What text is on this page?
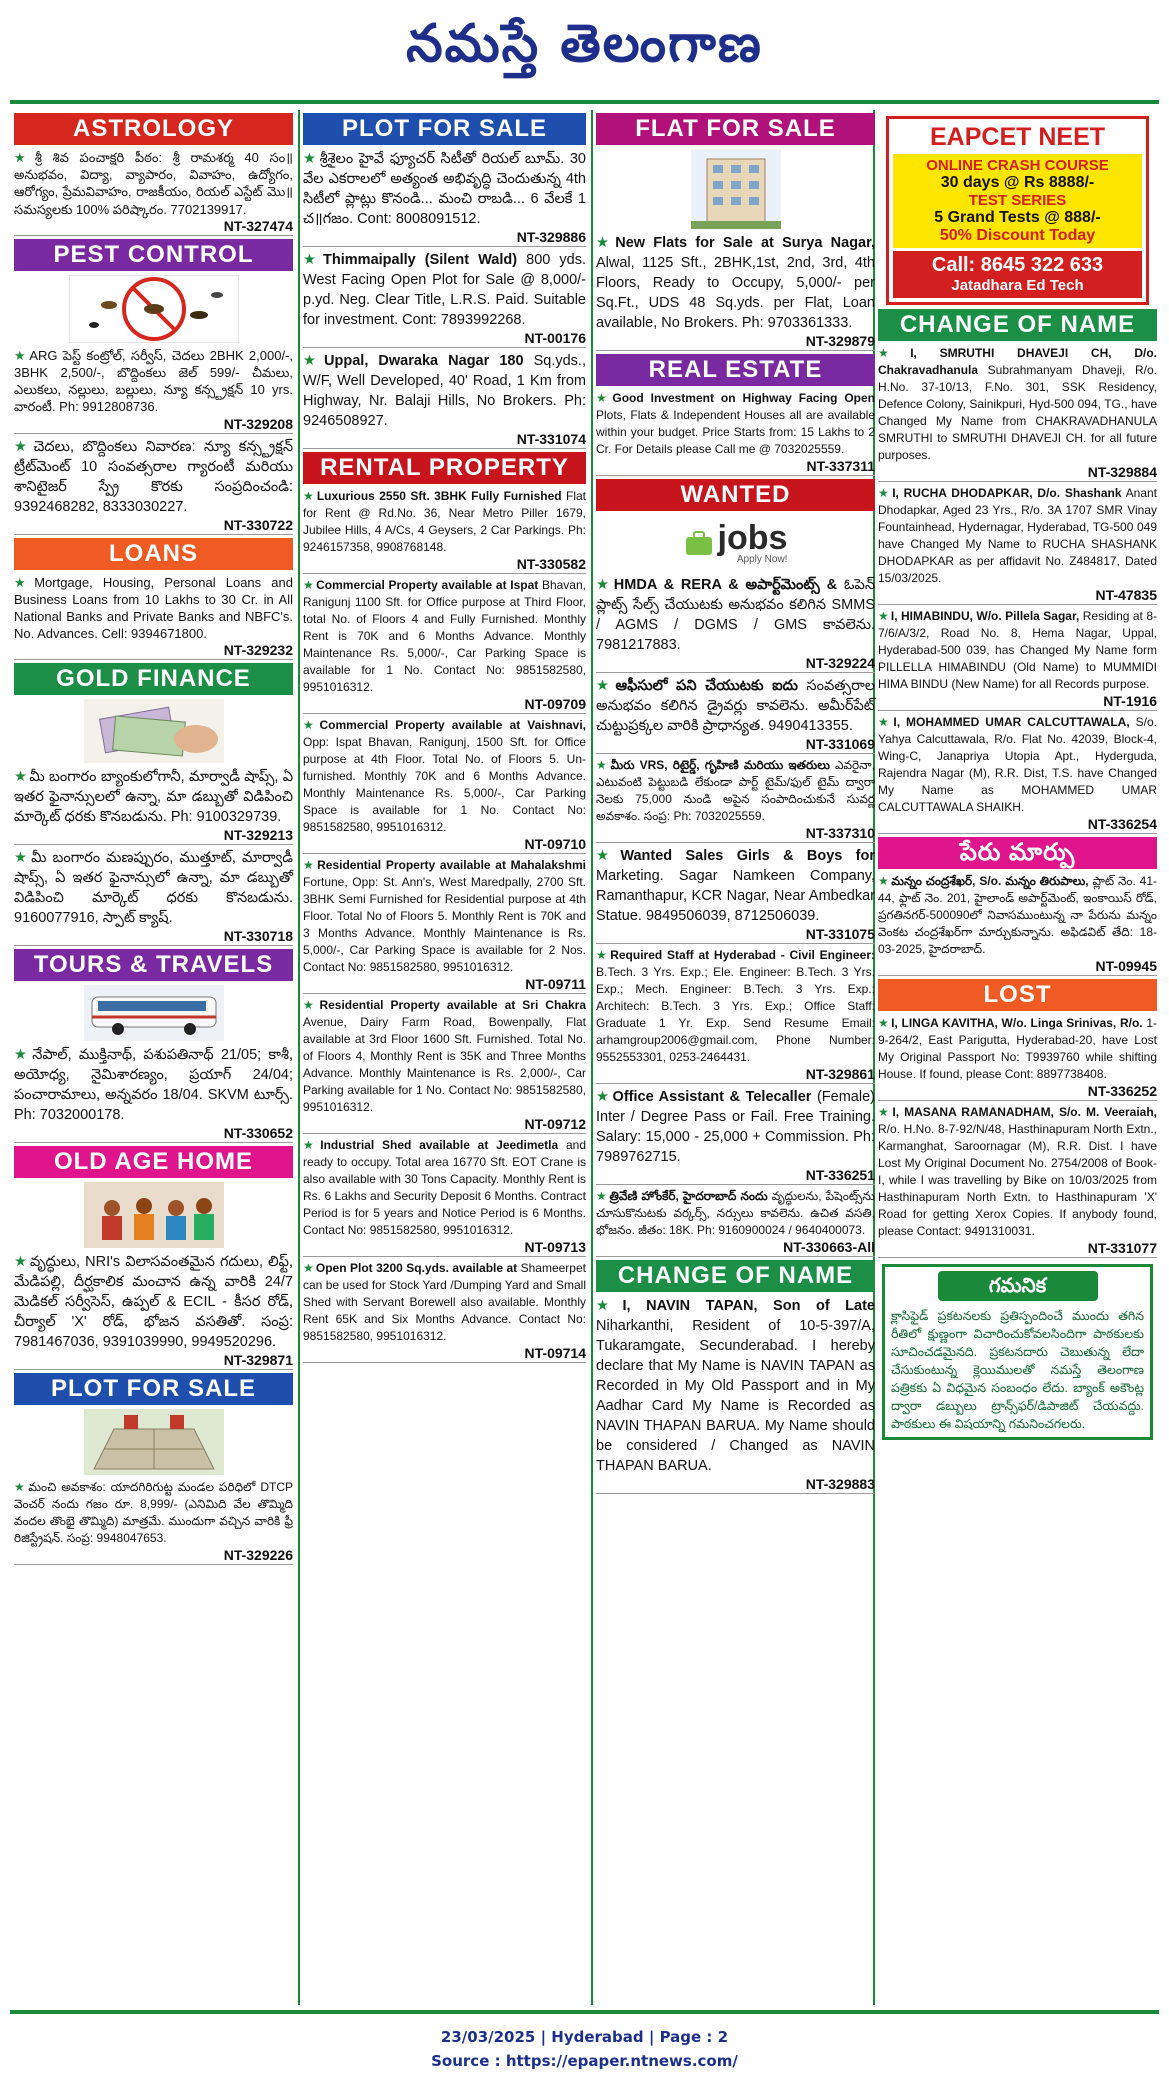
నమస్తే తెలంగాణ
ASTROLOGY
★ శ్రీ శివ పంచాక్షరి పీఠం: శ్రీ రామశర్మ 40 సం॥ అనుభవం, విద్యా, వ్యాపారం, వివాహం, ఉద్యోగం, ఆరోగ్యం, ప్రేమవివాహం, రాజకీయం, రియల్ ఎస్టేట్ మొ॥ సమస్యలకు 100% పరిష్కారం. 7702139917.
NT-327474
PEST CONTROL
★ ARG పెస్ట్ కంట్రోల్, సర్వీస్, చెదలు 2BHK 2,000/-, 3BHK 2,500/-, బొద్దింకలు జెల్ 599/- చీమలు, ఎలుకలు, నల్లులు, బల్లులు, న్యూ కన్స్ట్రక్షన్ 10 yrs. వారంటీ. Ph: 9912808736.
NT-329208
★ చెదలు, బొద్దింకలు నివారణ: న్యూ కన్స్ట్రక్షన్ ట్రీట్‌మెంట్ 10 సంవత్సరాల గ్యారంటీ మరియు శానిటైజర్ స్ప్రే కొరకు సంప్రదించండి: 9392468282, 8333030227.
NT-330722
LOANS
★ Mortgage, Housing, Personal Loans and Business Loans from 10 Lakhs to 30 Cr. in All National Banks and Private Banks and NBFC's. No. Advances. Cell: 9394671800.
NT-329232
GOLD FINANCE
★ మీ బంగారం బ్యాంకులోగానీ, మార్వాడీ షాప్స్, ఏ ఇతర ఫైనాన్సులలో ఉన్నా, మా డబ్బుతో విడిపించి మార్కెట్ ధరకు కొనబడును. Ph: 9100329739.
NT-329213
★ మీ బంగారం మణప్పురం, ముత్తూట్, మార్వాడీ షాప్స్, ఏ ఇతర ఫైనాన్సులో ఉన్నా, మా డబ్బుతో విడిపించి మార్కెట్ ధరకు కొనబడును. 9160077916, స్పాట్ క్యాష్.
NT-330718
TOURS & TRAVELS
★ నేపాల్, ముక్తినాథ్, పశుపతినాథ్ 21/05; కాశీ, అయోధ్య, నైమిశారణ్యం, ప్రయాగ్ 24/04; పంచారామాలు, అన్నవరం 18/04. SKVM టూర్స్. Ph: 7032000178.
NT-330652
OLD AGE HOME
★ వృద్ధులు, NRI's విలాసవంతమైన గదులు, లిఫ్ట్, మేడిపల్లి, దీర్ఘకాలిక మంచాన ఉన్న వారికి 24/7 మెడికల్ సర్వీసెస్, ఉప్పల్ & ECIL - కీసర రోడ్, చీర్యాల్ 'X' రోడ్, భోజన వసతితో. సంప్ర: 7981467036, 9391039990, 9949520296.
NT-329871
PLOT FOR SALE
★ మంచి అవకాశం: యాదగిరిగుట్ట మండల పరిధిలో DTCP వెంచర్ నందు గజం రూ. 8,999/- (ఎనిమిది వేల తొమ్మిది వందల తొంభై తొమ్మిది) మాత్రమే. ముందుగా వచ్చిన వారికి ఫ్రీ రిజిస్ట్రేషన్. సంప్ర: 9948047653.
NT-329226
PLOT FOR SALE
★ శ్రీశైలం హైవే ఫ్యూచర్ సిటీతో రియల్ బూమ్. 30 వేల ఎకరాలలో అత్యంత అభివృద్ధి చెందుతున్న 4th సిటీలో ప్లాట్లు కొనండి... మంచి రాబడి... 6 వేలకే 1 చ॥గజం. Cont: 8008091512.
NT-329886
★ Thimmaipally (Silent Wald) 800 yds. West Facing Open Plot for Sale @ 8,000/- p.yd. Neg. Clear Title, L.R.S. Paid. Suitable for investment. Cont: 7893992268.
NT-00176
★ Uppal, Dwaraka Nagar 180 Sq.yds., W/F, Well Developed, 40' Road, 1 Km from Highway, Nr. Balaji Hills, No Brokers. Ph: 9246508927.
NT-331074
RENTAL PROPERTY
★ Luxurious 2550 Sft. 3BHK Fully Furnished Flat for Rent @ Rd.No. 36, Near Metro Piller 1679, Jubilee Hills, 4 A/Cs, 4 Geysers, 2 Car Parkings. Ph: 9246157358, 9908768148.
NT-330582
★ Commercial Property available at Ispat Bhavan, Ranigunj 1100 Sft. for Office purpose at Third Floor, total No. of Floors 4 and Fully Furnished. Monthly Rent is 70K and 6 Months Advance. Monthly Maintenance Rs. 5,000/-, Car Parking Space is available for 1 No. Contact No: 9851582580, 9951016312.
NT-09709
★ Commercial Property available at Vaishnavi, Opp: Ispat Bhavan, Ranigunj, 1500 Sft. for Office purpose at 4th Floor. Total No. of Floors 5. Un-furnished. Monthly 70K and 6 Months Advance. Monthly Maintenance Rs. 5,000/-, Car Parking Space is available for 1 No. Contact No: 9851582580, 9951016312.
NT-09710
★ Residential Property available at Mahalakshmi Fortune, Opp: St. Ann's, West Maredpally, 2700 Sft. 3BHK Semi Furnished for Residential purpose at 4th Floor. Total No of Floors 5. Monthly Rent is 70K and 3 Months Advance. Monthly Maintenance is Rs. 5,000/-, Car Parking Space is available for 2 Nos. Contact No: 9851582580, 9951016312.
NT-09711
★ Residential Property available at Sri Chakra Avenue, Dairy Farm Road, Bowenpally, Flat available at 3rd Floor 1600 Sft. Furnished. Total No. of Floors 4, Monthly Rent is 35K and Three Months Advance. Monthly Maintenance is Rs. 2,000/-, Car Parking available for 1 No. Contact No: 9851582580, 9951016312.
NT-09712
★ Industrial Shed available at Jeedimetla and ready to occupy. Total area 16770 Sft. EOT Crane is also available with 30 Tons Capacity. Monthly Rent is Rs. 6 Lakhs and Security Deposit 6 Months. Contract Period is for 5 years and Notice Period is 6 Months. Contact No: 9851582580, 9951016312.
NT-09713
★ Open Plot 3200 Sq.yds. available at Shameerpet can be used for Stock Yard /Dumping Yard and Small Shed with Servant Borewell also available. Monthly Rent 65K and Six Months Advance. Contact No: 9851582580, 9951016312.
NT-09714
FLAT FOR SALE
★ New Flats for Sale at Surya Nagar, Alwal, 1125 Sft., 2BHK,1st, 2nd, 3rd, 4th Floors, Ready to Occupy, 5,000/- per Sq.Ft., UDS 48 Sq.yds. per Flat, Loan available, No Brokers. Ph: 9703361333.
NT-329879
REAL ESTATE
★ Good Investment on Highway Facing Open Plots, Flats & Independent Houses all are available within your budget. Price Starts from: 15 Lakhs to 2 Cr. For Details please Call me @ 7032025559.
NT-337311
WANTED
jobs
Apply Now!
★ HMDA & RERA & అపార్ట్‌మెంట్స్ & ఓపెన్ ప్లాట్స్ సేల్స్ చేయుటకు అనుభవం కలిగిన SMMS / AGMS / DGMS / GMS కావలెను. 7981217883.
NT-329224
★ ఆఫీసులో పని చేయుటకు ఐదు సంవత్సరాల అనుభవం కలిగిన డ్రైవర్లు కావలెను. అమీర్‌పేట్ చుట్టుప్రక్కల వారికి ప్రాధాన్యత. 9490413355.
NT-331069
★ మీరు VRS, రిటైర్డ్, గృహిణి మరియు ఇతరులు ఎవరైనా, ఎటువంటి పెట్టుబడి లేకుండా పార్ట్ టైమ్/ఫుల్ టైమ్ ద్వారా నెలకు 75,000 నుండి అపైన సంపాదించుకునే సువర్ణ అవకాశం. సంప్ర: Ph: 7032025559.
NT-337310
★ Wanted Sales Girls & Boys for Marketing. Sagar Namkeen Company, Ramanthapur, KCR Nagar, Near Ambedkar Statue. 9849506039, 8712506039.
NT-331075
★ Required Staff at Hyderabad - Civil Engineer: B.Tech. 3 Yrs. Exp.; Ele. Engineer: B.Tech. 3 Yrs. Exp.; Mech. Engineer: B.Tech. 3 Yrs. Exp.; Architech: B.Tech. 3 Yrs. Exp.; Office Staff: Graduate 1 Yr. Exp. Send Resume Email: arhamgroup2006@gmail.com, Phone Number: 9552553301, 0253-2464431.
NT-329861
★ Office Assistant & Telecaller (Female) Inter / Degree Pass or Fail. Free Training. Salary: 15,000 - 25,000 + Commission. Ph: 7989762715.
NT-336251
★ త్రివేణి హోంకేర్, హైదరాబాద్ నందు వృద్ధులను, పేషెంట్స్‌ను చూసుకొనుటకు వర్కర్స్, నర్సులు కావలెను. ఉచిత వసతి, భోజనం. జీతం: 18K. Ph: 9160900024 / 9640400073.
NT-330663-All
CHANGE OF NAME
★ I, NAVIN TAPAN, Son of Late Niharkanthi, Resident of 10-5-397/A, Tukaramgate, Secunderabad. I hereby declare that My Name is NAVIN TAPAN as Recorded in My Old Passport and in My Aadhar Card My Name is Recorded as NAVIN THAPAN BARUA. My Name should be considered / Changed as NAVIN THAPAN BARUA.
NT-329883
EAPCET NEET
ONLINE CRASH COURSE
30 days @ Rs 8888/-
TEST SERIES
5 Grand Tests @ 888/-
50% Discount Today
Call: 8645 322 633
Jatadhara Ed Tech
CHANGE OF NAME
★ I, SMRUTHI DHAVEJI CH, D/o. Chakravadhanula Subrahmanyam Dhaveji, R/o. H.No. 37-10/13, F.No. 301, SSK Residency, Defence Colony, Sainikpuri, Hyd-500 094, TG., have Changed My Name from CHAKRAVADHANULA SMRUTHI to SMRUTHI DHAVEJI CH. for all future purposes.
NT-329884
★ I, RUCHA DHODAPKAR, D/o. Shashank Anant Dhodapkar, Aged 23 Yrs., R/o. 3A 1707 SMR Vinay Fountainhead, Hydernagar, Hyderabad, TG-500 049 have Changed My Name to RUCHA SHASHANK DHODAPKAR as per affidavit No. Z484817, Dated 15/03/2025.
NT-47835
★ I, HIMABINDU, W/o. Pillela Sagar, Residing at 8-7/6/A/3/2, Road No. 8, Hema Nagar, Uppal, Hyderabad-500 039, has Changed My Name form PILLELLA HIMABINDU (Old Name) to MUMMIDI HIMA BINDU (New Name) for all Records purpose.
NT-1916
★ I, MOHAMMED UMAR CALCUTTAWALA, S/o. Yahya Calcuttawala, R/o. Flat No. 42039, Block-4, Wing-C, Janapriya Utopia Apt., Hyderguda, Rajendra Nagar (M), R.R. Dist, T.S. have Changed My Name as MOHAMMED UMAR CALCUTTAWALA SHAIKH.
NT-336254
పేరు మార్పు
★ మన్నం చంద్రశేఖర్, S/o. మన్నం తిరుపాలు, ప్లాట్ నెం. 41-44, ఫ్లాట్ నెం. 201, హైలాండ్ అపార్ట్‌మెంట్, ఇంకాయిస్ రోడ్, ప్రగతినగర్-500090లో నివాసముంటున్న నా పేరును మన్నం వెంకట చంద్రశేఖర్‌గా మార్చుకున్నాను. అఫిడవిట్ తేది: 18-03-2025, హైదరాబాద్.
NT-09945
LOST
★ I, LINGA KAVITHA, W/o. Linga Srinivas, R/o. 1-9-264/2, East Parigutta, Hyderabad-20, have Lost My Original Passport No: T9939760 while shifting House. If found, please Cont: 8897738408.
NT-336252
★ I, MASANA RAMANADHAM, S/o. M. Veeraiah, R/o. H.No. 8-7-92/N/48, Hasthinapuram North Extn., Karmanghat, Saroornagar (M), R.R. Dist. I have Lost My Original Document No. 2754/2008 of Book-I, while I was travelling by Bike on 10/03/2025 from Hasthinapuram North Extn. to Hasthinapuram 'X' Road for getting Xerox Copies. If anybody found, please Contact: 9491310031.
NT-331077
గమనిక
క్లాసిఫైడ్ ప్రకటనలకు ప్రతిస్పందించే ముందు తగిన రీతిలో క్షుణ్ణంగా విచారించుకోవలసిందిగా పాఠకులకు సూచించడమైనది. ప్రకటనదారు చెబుతున్న లేదా చేసుకుంటున్న క్లెయిములతో నమస్తే తెలంగాణ పత్రికకు ఏ విధమైన సంబంధం లేదు. బ్యాంక్ అకౌంట్ల ద్వారా డబ్బులు ట్రాన్స్‌ఫర్/డిపాజిట్ చేయవద్దు. పాఠకులు ఈ విషయాన్ని గమనించగలరు.
23/03/2025 | Hyderabad | Page : 2
Source : https://epaper.ntnews.com/
